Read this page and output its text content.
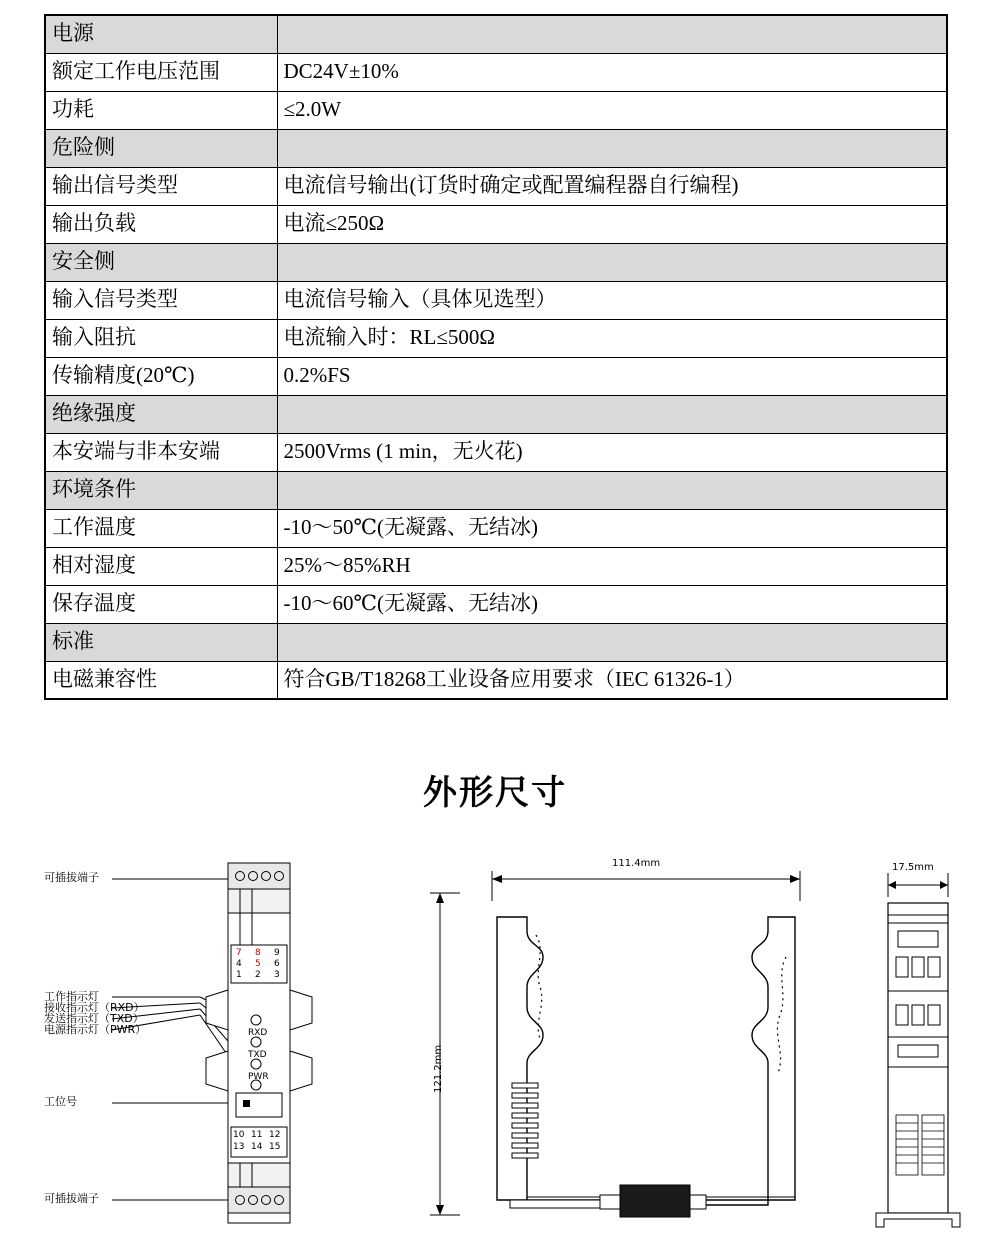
电源	
额定工作电压范围	DC24V±10%
功耗	≤2.0W
危险侧	
输出信号类型	电流信号输出(订货时确定或配置编程器自行编程)
输出负载	电流≤250Ω
安全侧	
输入信号类型	电流信号输入（具体见选型）
输入阻抗	电流输入时：RL≤500Ω
传输精度(20℃)	0.2%FS
绝缘强度	
本安端与非本安端	2500Vrms (1 min，无火花)
环境条件	
工作温度	-10～50℃(无凝露、无结冰)
相对湿度	25%～85%RH
保存温度	-10～60℃(无凝露、无结冰)
标准	
电磁兼容性	符合GB/T18268工业设备应用要求（IEC 61326-1）
外形尺寸
可插拔端子
可插拔端子
工位号
工作指示灯
接收指示灯（RXD）
发送指示灯（TXD）
电源指示灯（PWR）
7 8 9
4 5 6
1 2 3
RXD
TXD
PWR
10 11 12
13 14 15
111.4mm
121.2mm
17.5mm
